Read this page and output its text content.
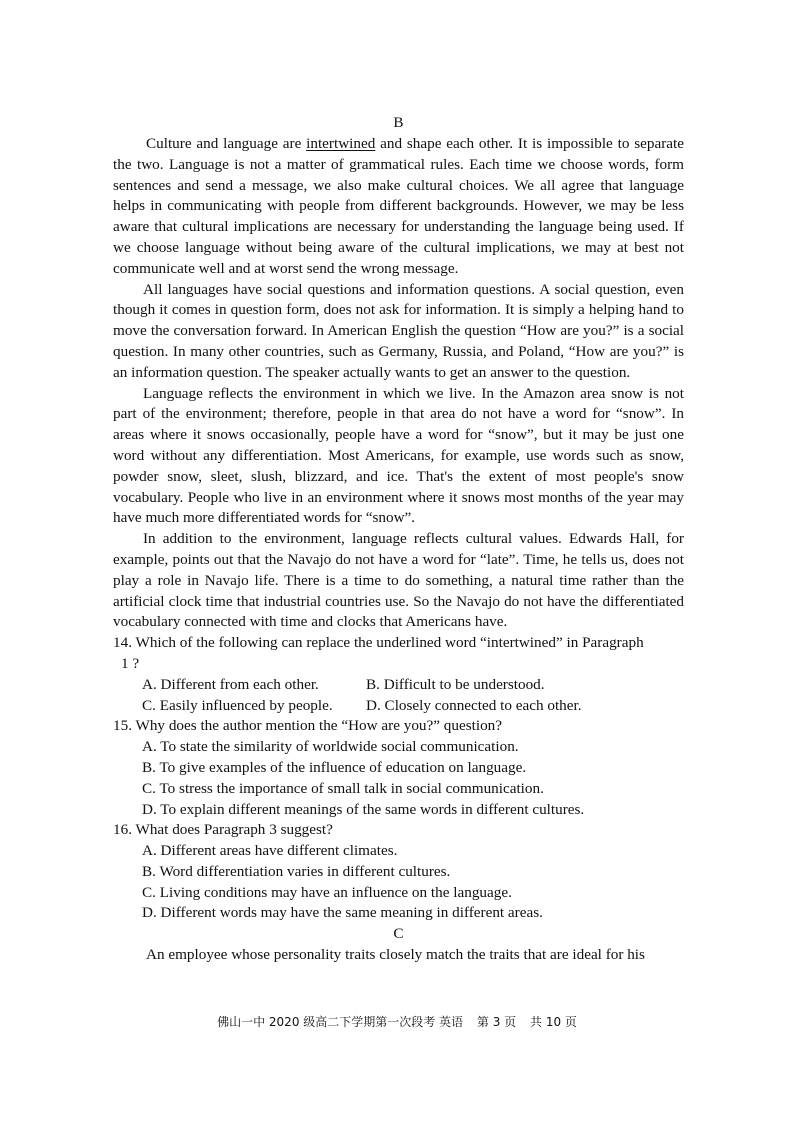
B

Culture and language are intertwined and shape each other. It is impossible to separate the two. Language is not a matter of grammatical rules. Each time we choose words, form sentences and send a message, we also make cultural choices. We all agree that language helps in communicating with people from different backgrounds. However, we may be less aware that cultural implications are necessary for understanding the language being used. If we choose language without being aware of the cultural implications, we may at best not communicate well and at worst send the wrong message.

All languages have social questions and information questions. A social question, even though it comes in question form, does not ask for information. It is simply a helping hand to move the conversation forward. In American English the question “How are you?” is a social question. In many other countries, such as Germany, Russia, and Poland, “How are you?” is an information question. The speaker actually wants to get an answer to the question.

Language reflects the environment in which we live. In the Amazon area snow is not part of the environment; therefore, people in that area do not have a word for “snow”. In areas where it snows occasionally, people have a word for “snow”, but it may be just one word without any differentiation. Most Americans, for example, use words such as snow, powder snow, sleet, slush, blizzard, and ice. That's the extent of most people's snow vocabulary. People who live in an environment where it snows most months of the year may have much more differentiated words for “snow”.

In addition to the environment, language reflects cultural values. Edwards Hall, for example, points out that the Navajo do not have a word for “late”. Time, he tells us, does not play a role in Navajo life. There is a time to do something, a natural time rather than the artificial clock time that industrial countries use. So the Navajo do not have the differentiated vocabulary connected with time and clocks that Americans have.

14. Which of the following can replace the underlined word “intertwined” in Paragraph
1 ?

A. Different from each other.	B. Difficult to be understood.

C. Easily influenced by people. D. Closely connected to each other.

15. Why does the author mention the “How are you?” question?

A. To state the similarity of worldwide social communication.

B. To give examples of the influence of education on language.

C. To stress the importance of small talk in social communication.

D. To explain different meanings of the same words in different cultures.

16. What does Paragraph 3 suggest?

A. Different areas have different climates.

B. Word differentiation varies in different cultures.

C. Living conditions may have an influence on the language.

D. Different words may have the same meaning in different areas.

C

An employee whose personality traits closely match the traits that are ideal for his

佛山一中 2020 级高二下学期第一次段考 英语 第 3 页 共 10 页
